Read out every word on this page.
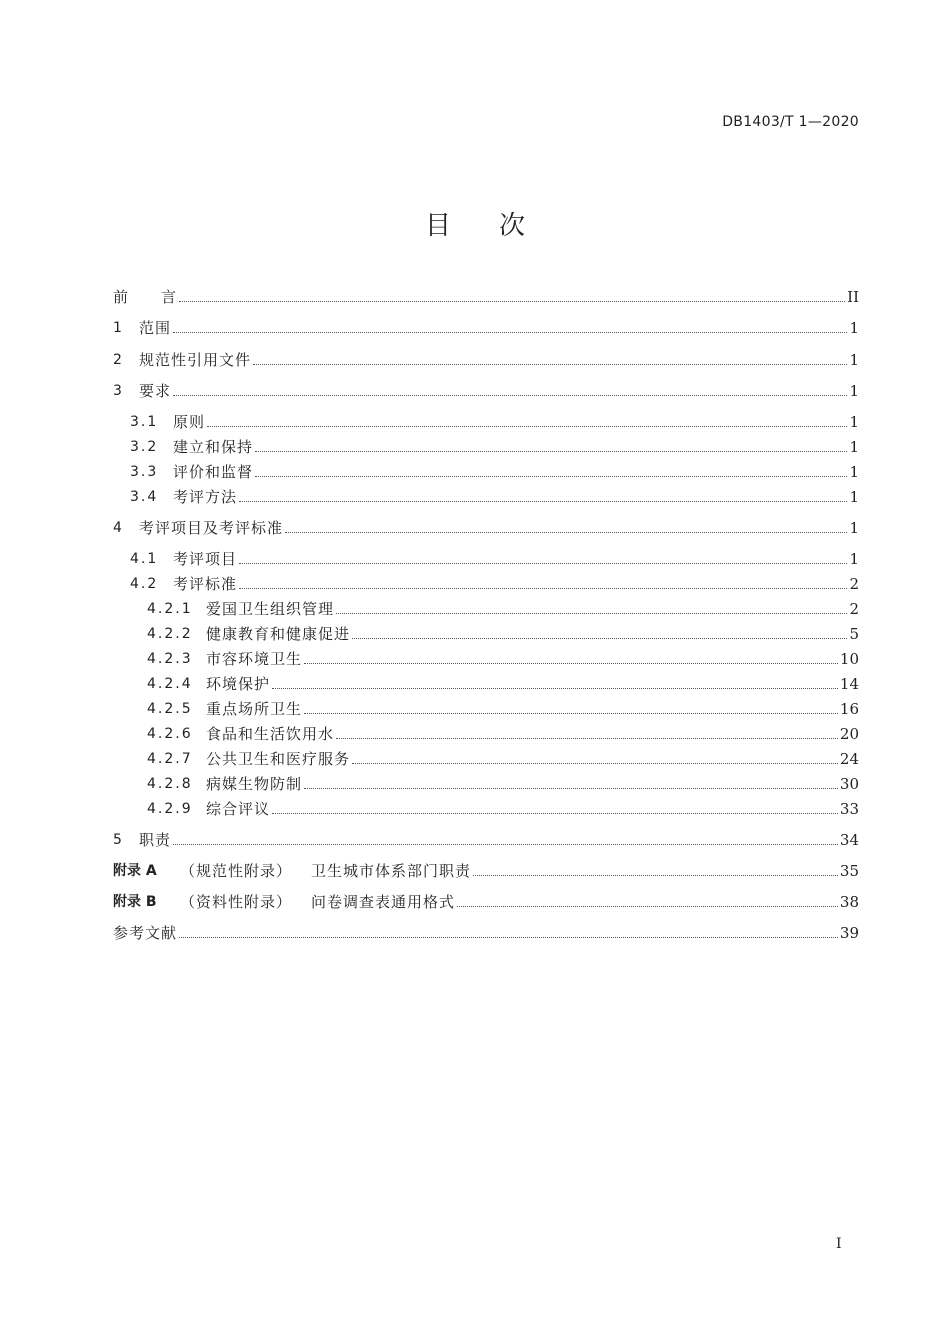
DB1403/T 1—2020
目 次
前　　言	II
1 范围	1
2 规范性引用文件	1
3 要求	1
3.1 原则	1
3.2 建立和保持	1
3.3 评价和监督	1
3.4 考评方法	1
4 考评项目及考评标准	1
4.1 考评项目	1
4.2 考评标准	2
4.2.1 爱国卫生组织管理	2
4.2.2 健康教育和健康促进	5
4.2.3 市容环境卫生	10
4.2.4 环境保护	14
4.2.5 重点场所卫生	16
4.2.6 食品和生活饮用水	20
4.2.7 公共卫生和医疗服务	24
4.2.8 病媒生物防制	30
4.2.9 综合评议	33
5 职责	34
附录 A （规范性附录） 卫生城市体系部门职责	35
附录 B （资料性附录） 问卷调查表通用格式	38
参考文献	39
I
